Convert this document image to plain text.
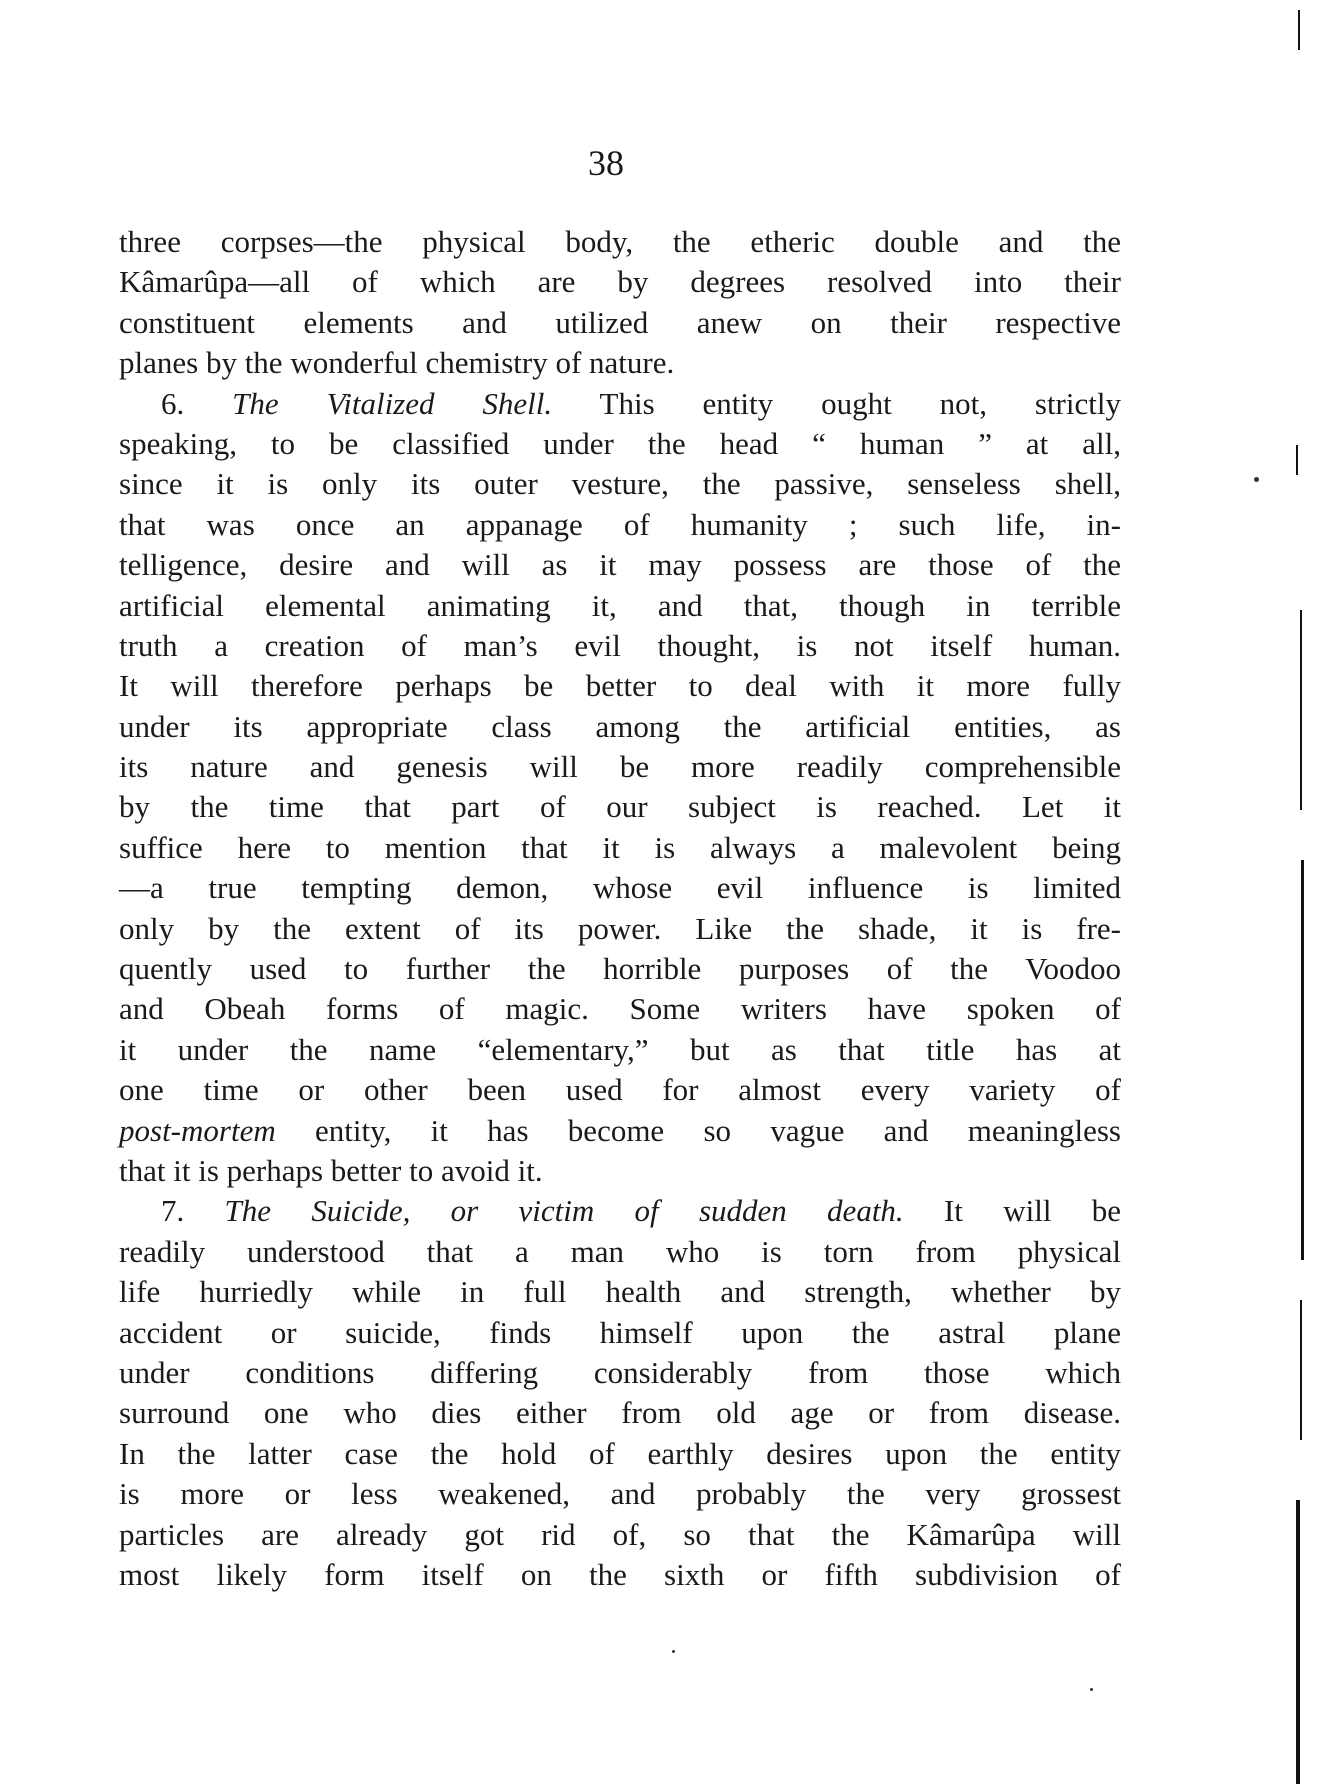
38
three corpses—the physical body, the etheric double and the
Kâmarûpa—all of which are by degrees resolved into their
constituent elements and utilized anew on their respective
planes by the wonderful chemistry of nature.
6. The Vitalized Shell. This entity ought not, strictly
speaking, to be classified under the head “ human ” at all,
since it is only its outer vesture, the passive, senseless shell,
that was once an appanage of humanity ; such life, in-
telligence, desire and will as it may possess are those of the
artificial elemental animating it, and that, though in terrible
truth a creation of man’s evil thought, is not itself human.
It will therefore perhaps be better to deal with it more fully
under its appropriate class among the artificial entities, as
its nature and genesis will be more readily comprehensible
by the time that part of our subject is reached. Let it
suffice here to mention that it is always a malevolent being
—a true tempting demon, whose evil influence is limited
only by the extent of its power. Like the shade, it is fre-
quently used to further the horrible purposes of the Voodoo
and Obeah forms of magic. Some writers have spoken of
it under the name “elementary,” but as that title has at
one time or other been used for almost every variety of
post-mortem entity, it has become so vague and meaningless
that it is perhaps better to avoid it.
7. The Suicide, or victim of sudden death. It will be
readily understood that a man who is torn from physical
life hurriedly while in full health and strength, whether by
accident or suicide, finds himself upon the astral plane
under conditions differing considerably from those which
surround one who dies either from old age or from disease.
In the latter case the hold of earthly desires upon the entity
is more or less weakened, and probably the very grossest
particles are already got rid of, so that the Kâmarûpa will
most likely form itself on the sixth or fifth subdivision of
